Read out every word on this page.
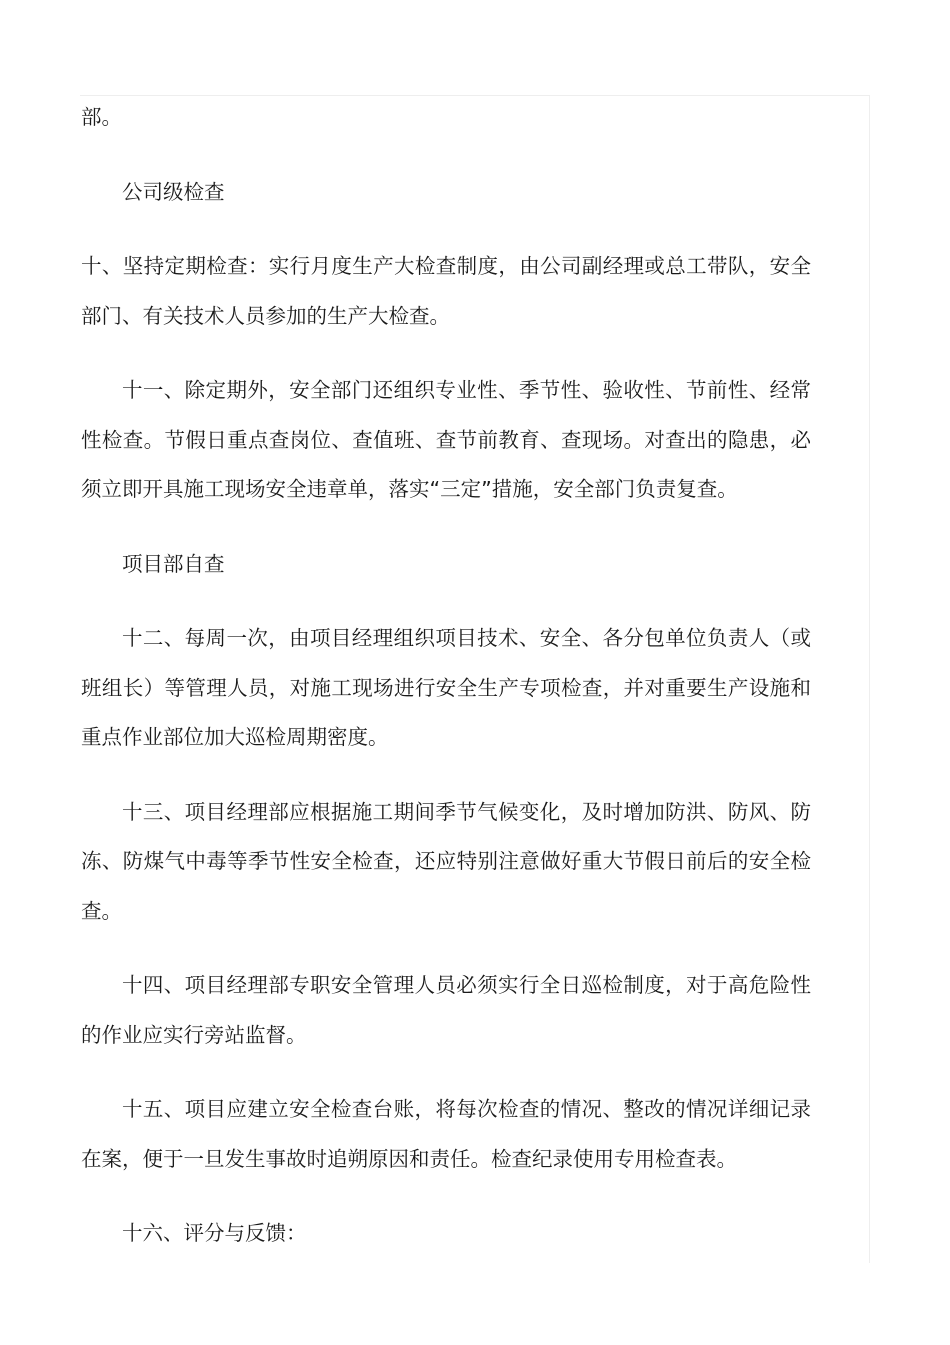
部。

公司级检查

十、坚持定期检查：实行月度生产大检查制度，由公司副经理或总工带队，安全部门、有关技术人员参加的生产大检查。

十一、除定期外，安全部门还组织专业性、季节性、验收性、节前性、经常性检查。节假日重点查岗位、查值班、查节前教育、查现场。对查出的隐患，必须立即开具施工现场安全违章单，落实“三定”措施，安全部门负责复查。

项目部自查

十二、每周一次，由项目经理组织项目技术、安全、各分包单位负责人（或班组长）等管理人员，对施工现场进行安全生产专项检查，并对重要生产设施和重点作业部位加大巡检周期密度。

十三、项目经理部应根据施工期间季节气候变化，及时增加防洪、防风、防冻、防煤气中毒等季节性安全检查，还应特别注意做好重大节假日前后的安全检查。

十四、项目经理部专职安全管理人员必须实行全日巡检制度，对于高危险性的作业应实行旁站监督。

十五、项目应建立安全检查台账，将每次检查的情况、整改的情况详细记录在案，便于一旦发生事故时追朔原因和责任。检查纪录使用专用检查表。

十六、评分与反馈：
